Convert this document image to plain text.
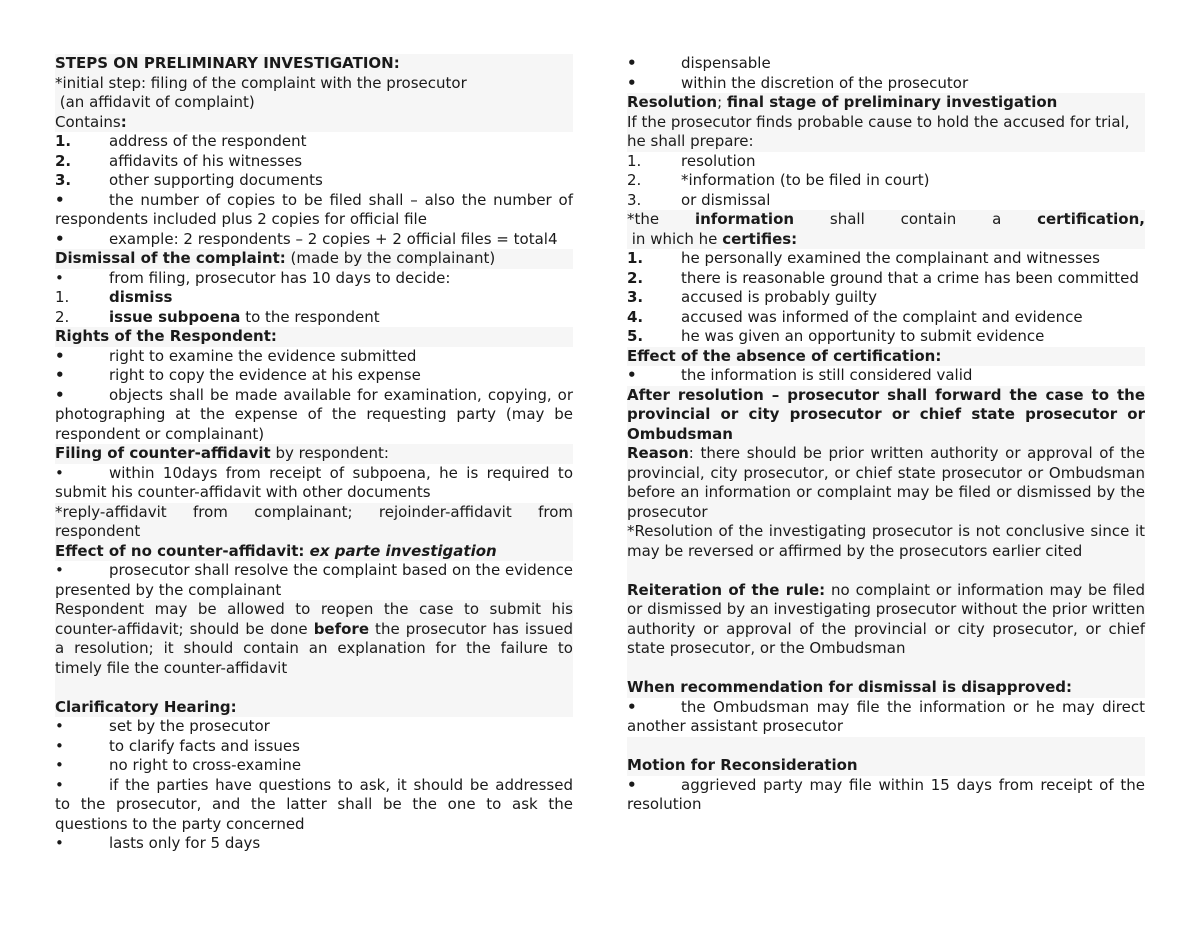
STEPS ON PRELIMINARY INVESTIGATION:
*initial step: filing of the complaint with the prosecutor
(an affidavit of complaint)
Contains:
1.	address of the respondent
2.	affidavits of his witnesses
3.	other supporting documents
•	the number of copies to be filed shall – also the number of respondents included plus 2 copies for official file
•	example: 2 respondents – 2 copies + 2 official files = total4
Dismissal of the complaint: (made by the complainant)
•	from filing, prosecutor has 10 days to decide:
1.	dismiss
2.	issue subpoena to the respondent
Rights of the Respondent:
•	right to examine the evidence submitted
•	right to copy the evidence at his expense
•	objects shall be made available for examination, copying, or photographing at the expense of the requesting party (may be respondent or complainant)
Filing of counter-affidavit by respondent:
•	within 10days from receipt of subpoena, he is required to submit his counter-affidavit with other documents
*reply-affidavit from complainant; rejoinder-affidavit from respondent
Effect of no counter-affidavit: ex parte investigation
•	prosecutor shall resolve the complaint based on the evidence presented by the complainant
Respondent may be allowed to reopen the case to submit his counter-affidavit; should be done before the prosecutor has issued a resolution; it should contain an explanation for the failure to timely file the counter-affidavit
Clarificatory Hearing:
•	set by the prosecutor
•	to clarify facts and issues
•	no right to cross-examine
•	if the parties have questions to ask, it should be addressed to the prosecutor, and the latter shall be the one to ask the questions to the party concerned
•	lasts only for 5 days
•	dispensable
•	within the discretion of the prosecutor
Resolution; final stage of preliminary investigation
If the prosecutor finds probable cause to hold the accused for trial, he shall prepare:
1.	resolution
2.	*information (to be filed in court)
3.	or dismissal
*the information shall contain a certification, in which he certifies:
1.	he personally examined the complainant and witnesses
2.	there is reasonable ground that a crime has been committed
3.	accused is probably guilty
4.	accused was informed of the complaint and evidence
5.	he was given an opportunity to submit evidence
Effect of the absence of certification:
•	the information is still considered valid
After resolution – prosecutor shall forward the case to the provincial or city prosecutor or chief state prosecutor or Ombudsman
Reason: there should be prior written authority or approval of the provincial, city prosecutor, or chief state prosecutor or Ombudsman before an information or complaint may be filed or dismissed by the prosecutor
*Resolution of the investigating prosecutor is not conclusive since it may be reversed or affirmed by the prosecutors earlier cited
Reiteration of the rule: no complaint or information may be filed or dismissed by an investigating prosecutor without the prior written authority or approval of the provincial or city prosecutor, or chief state prosecutor, or the Ombudsman
When recommendation for dismissal is disapproved:
•	the Ombudsman may file the information or he may direct another assistant prosecutor
Motion for Reconsideration
•	aggrieved party may file within 15 days from receipt of the resolution
